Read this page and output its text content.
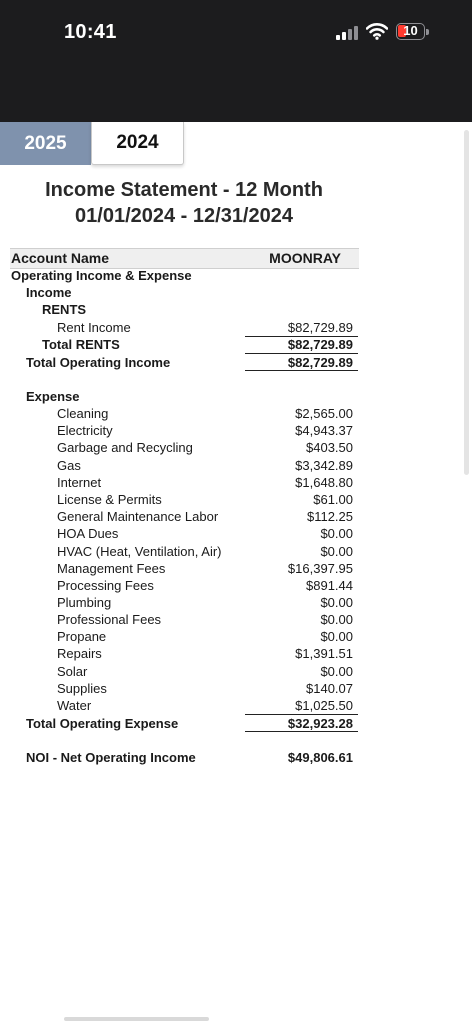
10:41	10
2025	2024
Income Statement - 12 Month
01/01/2024 - 12/31/2024
Account Name	MOONRAY
Operating Income & Expense
Income
RENTS
Rent Income	$82,729.89
Total RENTS	$82,729.89
Total Operating Income	$82,729.89
Expense
Cleaning	$2,565.00
Electricity	$4,943.37
Garbage and Recycling	$403.50
Gas	$3,342.89
Internet	$1,648.80
License & Permits	$61.00
General Maintenance Labor	$112.25
HOA Dues	$0.00
HVAC (Heat, Ventilation, Air)	$0.00
Management Fees	$16,397.95
Processing Fees	$891.44
Plumbing	$0.00
Professional Fees	$0.00
Propane	$0.00
Repairs	$1,391.51
Solar	$0.00
Supplies	$140.07
Water	$1,025.50
Total Operating Expense	$32,923.28
NOI - Net Operating Income	$49,806.61
